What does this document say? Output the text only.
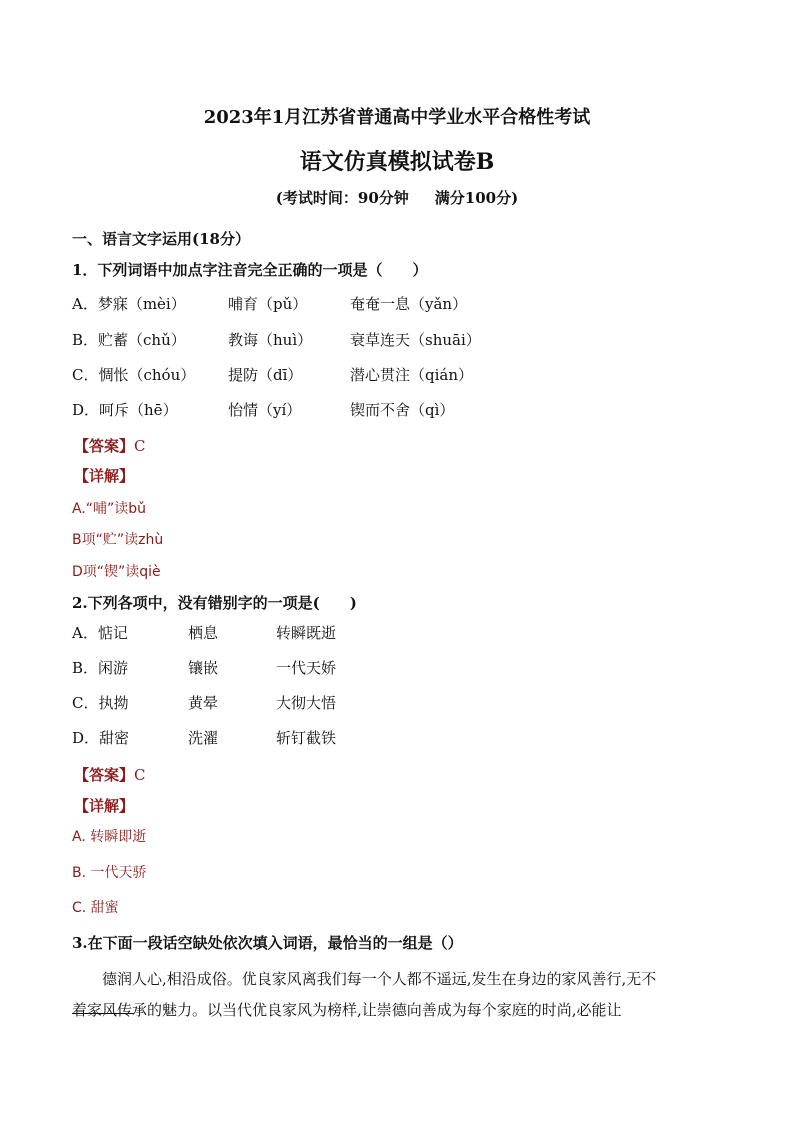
2023年1月江苏省普通高中学业水平合格性考试
语文仿真模拟试卷B
(考试时间：90分钟 满分100分)
一、语言文字运用(18分）
1．下列词语中加点字注音完全正确的一项是（　　）
A．梦寐（mèi）	哺育（pǔ）	奄奄一息（yǎn）
B．贮蓄（chǔ）	教诲（huì）	衰草连天（shuāi）
C．惆怅（chóu） 提防（dī）	潜心贯注（qián）
D．呵斥（hē）	怡情（yí）	锲而不舍（qì）
【答案】C
【详解】
A.“哺”读bǔ
B项“贮”读zhù
D项“锲”读qiè
2.下列各项中，没有错别字的一项是(　　)
A．惦记	栖息	转瞬既逝
B．闲游	镶嵌	一代天娇
C．执拗	黄晕	大彻大悟
D．甜密	洗濯	斩钉截铁
【答案】C
【详解】
A. 转瞬即逝
B. 一代天骄
C. 甜蜜
3.在下面一段话空缺处依次填入词语，最恰当的一组是（）
德润人心,相沿成俗。优良家风离我们每一个人都不遥远,发生在身边的家风善行,无不
着家风传承的魅力。以当代优良家风为榜样,让崇德向善成为每个家庭的时尚,必能让
